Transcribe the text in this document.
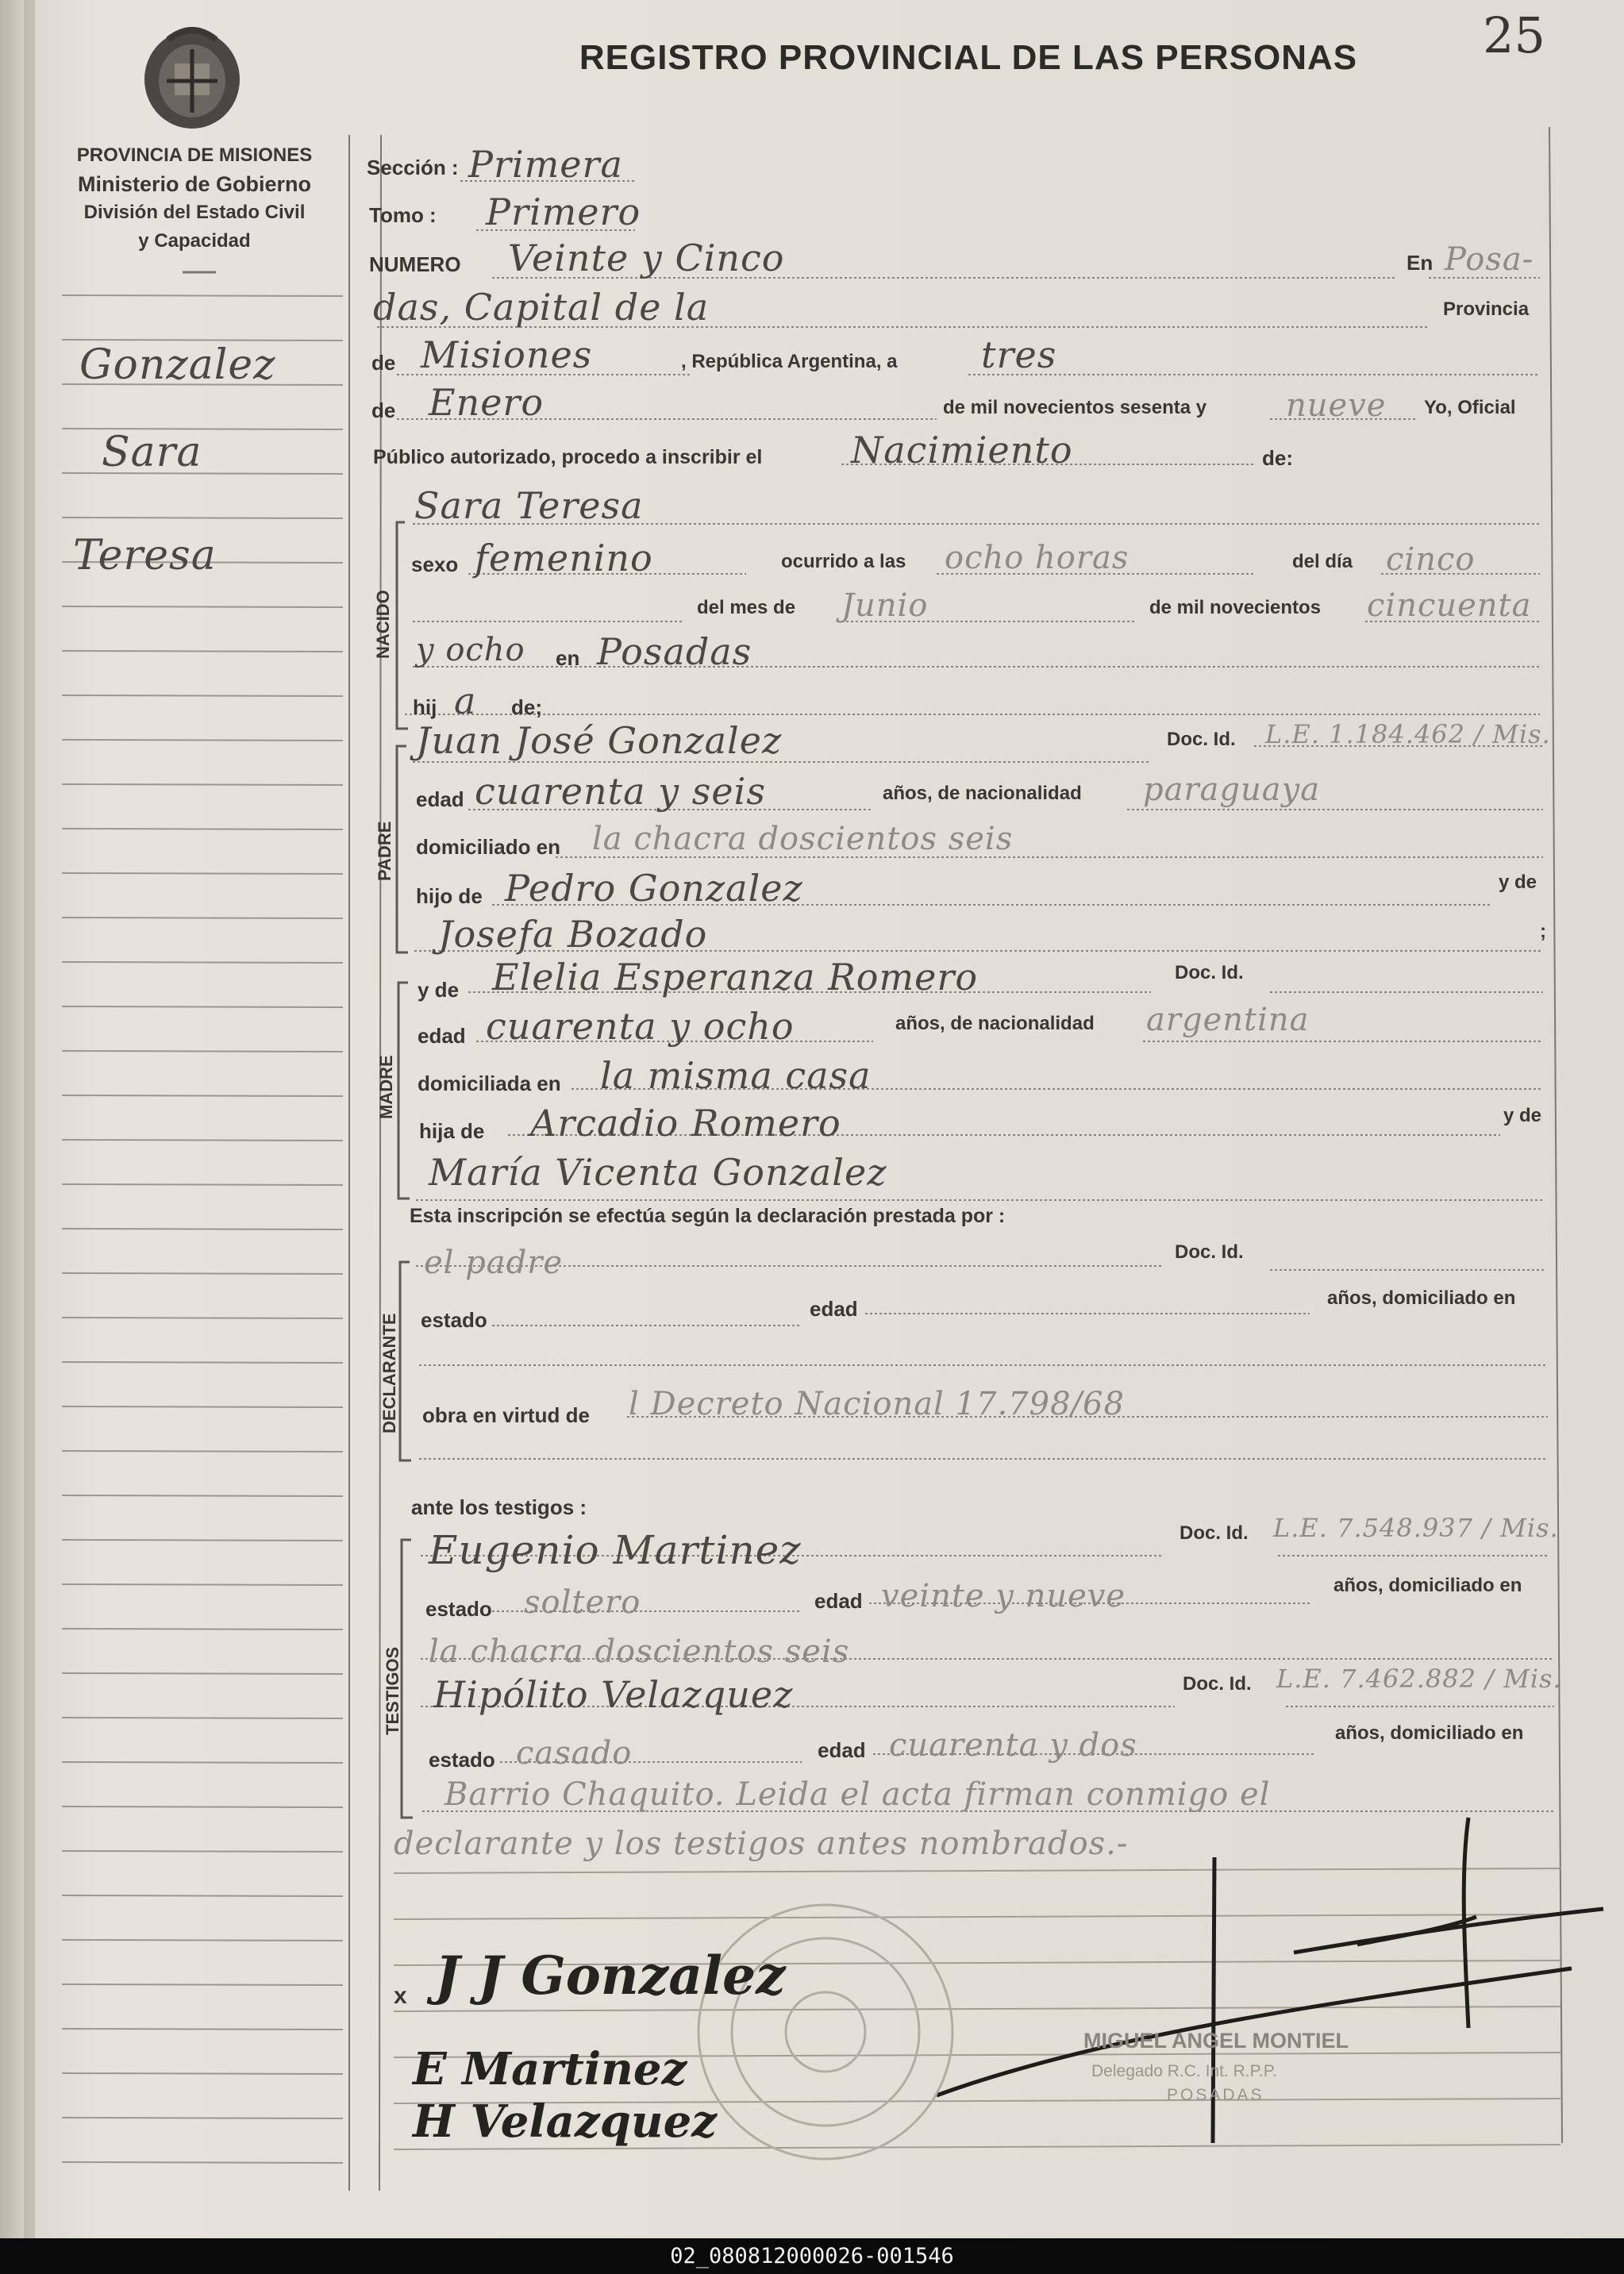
25
REGISTRO PROVINCIAL DE LAS PERSONAS
PROVINCIA DE MISIONES
Ministerio de Gobierno
División del Estado Civil
y Capacidad
Gonzalez
Sara
Teresa
Sección : Primera
Tomo : Primero
NUMERO Veinte y Cinco	En Posa-
das, Capital de la	Provincia
de Misiones	, República Argentina, a tres
de Enero	de mil novecientos sesenta y nueve Yo, Oficial
Público autorizado, procedo a inscribir el Nacimiento	de:
NACIDO
Sara Teresa
sexo femenino	ocurrido a las ocho horas	del día cinco
del mes de Junio	de mil novecientos cincuenta
y ocho en Posadas
hij a de;
PADRE
Juan José Gonzalez	Doc. Id. L.E. 1.184.462 / Mis.
edad cuarenta y seis	años, de nacionalidad paraguaya
domiciliado en la chacra doscientos seis
hijo de Pedro Gonzalez	y de
Josefa Bozado	;
MADRE
y de Elelia Esperanza Romero	Doc. Id.
edad cuarenta y ocho	años, de nacionalidad argentina
domiciliada en la misma casa
hija de Arcadio Romero	y de
María Vicenta Gonzalez
Esta inscripción se efectúa según la declaración prestada por :
DECLARANTE
el padre	Doc. Id.
estado	edad	años, domiciliado en
obra en virtud de l Decreto Nacional 17.798/68
ante los testigos :
TESTIGOS
Eugenio Martinez	Doc. Id. L.E. 7.548.937 / Mis.
estado soltero	edad veinte y nueve	años, domiciliado en
la chacra doscientos seis
Hipólito Velazquez	Doc. Id. L.E. 7.462.882 / Mis.
estado casado	edad cuarenta y dos	años, domiciliado en
Barrio Chaquito. Leida el acta firman conmigo el
declarante y los testigos antes nombrados.-
x J J Gonzalez
E Martinez
H Velazquez
MIGUEL ANGEL MONTIEL
Delegado R.C. Int. R.P.P.
POSADAS
02_080812000026-001546
